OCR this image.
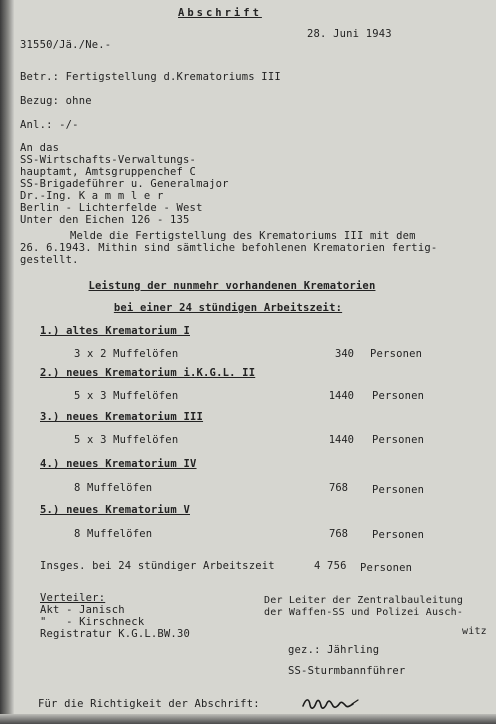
Abschrift
31550/Jä./Ne.-
28. Juni 1943
Betr.: Fertigstellung d.Krematoriums III
Bezug: ohne
Anl.: -/-
An das
SS-Wirtschafts-Verwaltungs-
hauptamt, Amtsgruppenchef C
SS-Brigadeführer u. Generalmajor
Dr.-Ing. K a m m l e r
Berlin - Lichterfelde - West
Unter den Eichen 126 - 135
Melde die Fertigstellung des Krematoriums III mit dem
26. 6.1943. Mithin sind sämtliche befohlenen Krematorien fertig-
gestellt.
Leistung der nunmehr vorhandenen Krematorien
bei einer 24 stündigen Arbeitszeit:
1.) altes Krematorium I
3 x 2 Muffelöfen	340 Personen
2.) neues Krematorium i.K.G.L. II
5 x 3 Muffelöfen	1440 Personen
3.) neues Krematorium III
5 x 3 Muffelöfen	1440 Personen
4.) neues Krematorium IV
8 Muffelöfen	768 Personen
5.) neues Krematorium V
8 Muffelöfen	768 Personen
Insges. bei 24 stündiger Arbeitszeit	4 756 Personen
Verteiler:
Akt - Janisch
"   - Kirschneck
Registratur K.G.L.BW.30
Der Leiter der Zentralbauleitung
der Waffen-SS und Polizei Ausch-
witz
gez.: Jährling
SS-Sturmbannführer
Für die Richtigkeit der Abschrift:
